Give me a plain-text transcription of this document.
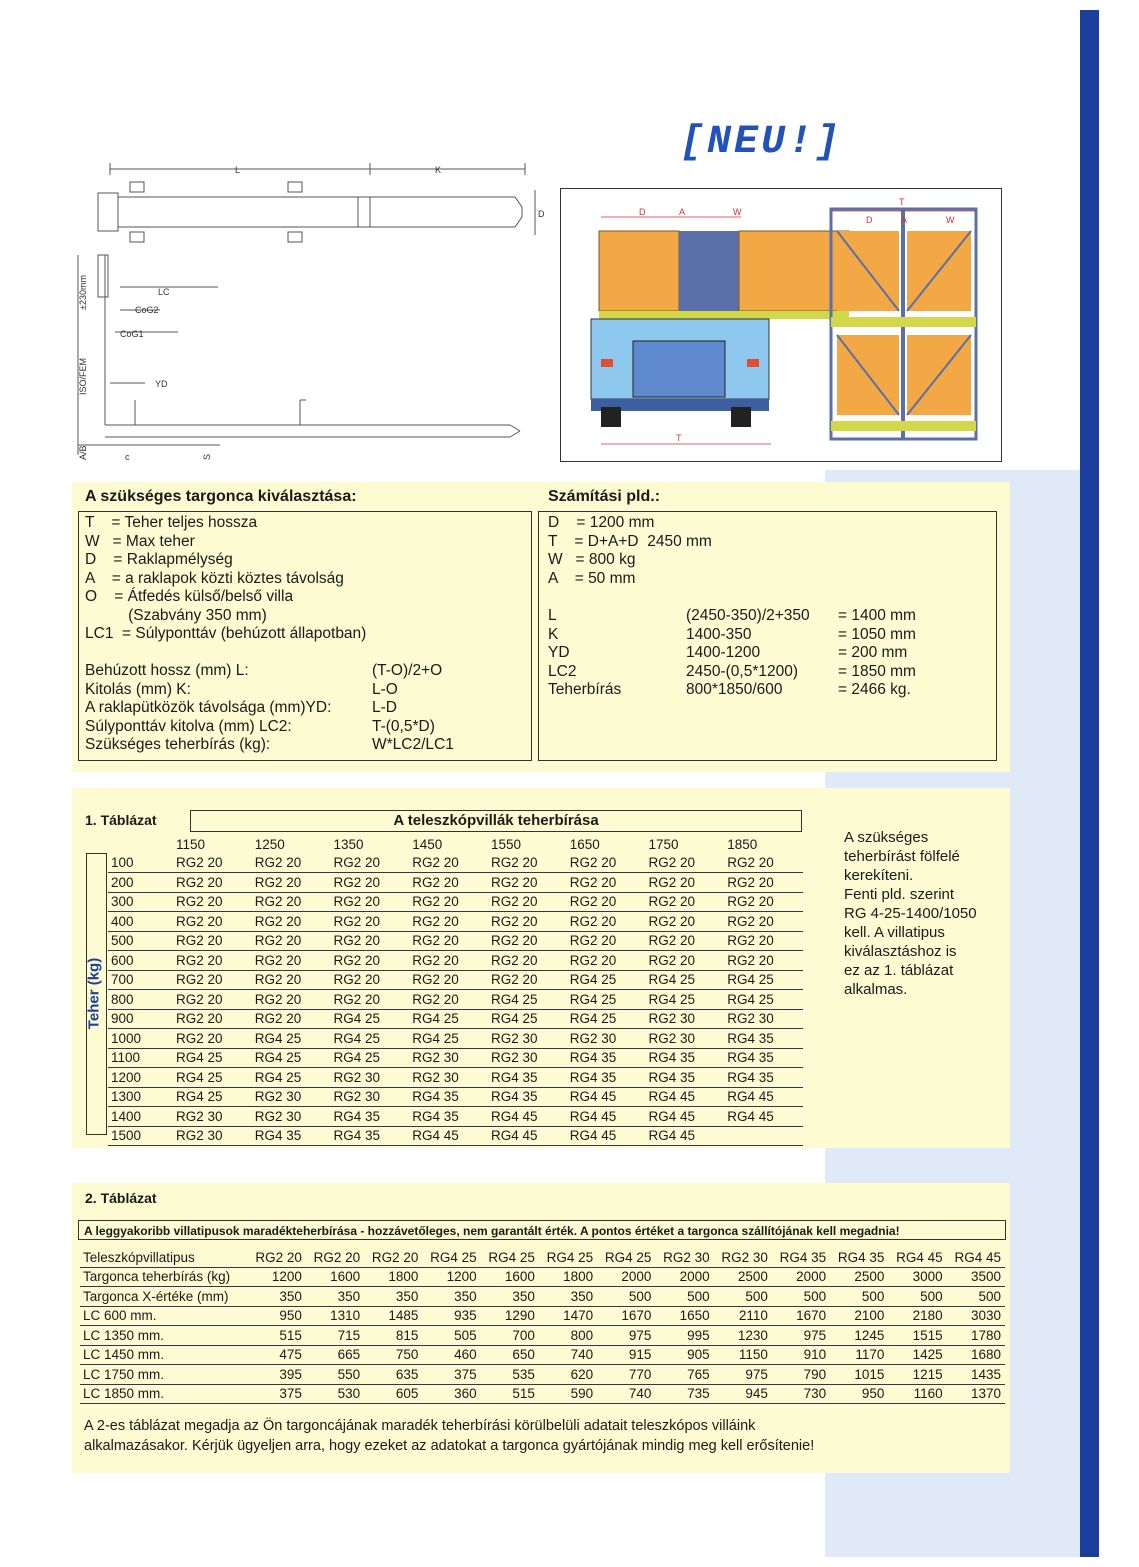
[NEU!]
L	K
D
±230mm
ISO/FEM
A/B
LC
CoG2
CoG1
YD
c	S
D	A	W
T
T
D	A	W
A szükséges targonca kiválasztása:	Számítási pld.:
T    = Teher teljes hossza
W   = Max teher
D    = Raklapmélység
A    = a raklapok közti köztes távolság
O    = Átfedés külső/belső villa
(Szabvány 350 mm)
LC1  = Súlyponttáv (behúzott állapotban)
Behúzott hossz (mm) L:	(T-O)/2+O
Kitolás (mm) K:	L-O
A raklapütközök távolsága (mm)YD:	L-D
Súlyponttáv kitolva (mm) LC2:	T-(0,5*D)
Szükséges teherbírás (kg):	W*LC2/LC1
D    = 1200 mm
T    = D+A+D  2450 mm
W   = 800 kg
A    = 50 mm
L	(2450-350)/2+350 = 1400 mm
K	1400-350	= 1050 mm
YD	1400-1200	= 200 mm
LC2	2450-(0,5*1200)	= 1850 mm
Teherbírás	800*1850/600	= 2466 kg.
1. Táblázat	A teleszkópvillák teherbírása
Teher (kg)
	1150	1250	1350	1450	1550	1650	1750	1850
100	RG2 20	RG2 20	RG2 20	RG2 20	RG2 20	RG2 20	RG2 20	RG2 20
200	RG2 20	RG2 20	RG2 20	RG2 20	RG2 20	RG2 20	RG2 20	RG2 20
300	RG2 20	RG2 20	RG2 20	RG2 20	RG2 20	RG2 20	RG2 20	RG2 20
400	RG2 20	RG2 20	RG2 20	RG2 20	RG2 20	RG2 20	RG2 20	RG2 20
500	RG2 20	RG2 20	RG2 20	RG2 20	RG2 20	RG2 20	RG2 20	RG2 20
600	RG2 20	RG2 20	RG2 20	RG2 20	RG2 20	RG2 20	RG2 20	RG2 20
700	RG2 20	RG2 20	RG2 20	RG2 20	RG2 20	RG4 25	RG4 25	RG4 25
800	RG2 20	RG2 20	RG2 20	RG2 20	RG4 25	RG4 25	RG4 25	RG4 25
900	RG2 20	RG2 20	RG4 25	RG4 25	RG4 25	RG4 25	RG2 30	RG2 30
1000	RG2 20	RG4 25	RG4 25	RG4 25	RG2 30	RG2 30	RG2 30	RG4 35
1100	RG4 25	RG4 25	RG4 25	RG2 30	RG2 30	RG4 35	RG4 35	RG4 35
1200	RG4 25	RG4 25	RG2 30	RG2 30	RG4 35	RG4 35	RG4 35	RG4 35
1300	RG4 25	RG2 30	RG2 30	RG4 35	RG4 35	RG4 45	RG4 45	RG4 45
1400	RG2 30	RG2 30	RG4 35	RG4 35	RG4 45	RG4 45	RG4 45	RG4 45
1500	RG2 30	RG4 35	RG4 35	RG4 45	RG4 45	RG4 45	RG4 45	
A szükséges
teherbírást fölfelé
kerekíteni.
Fenti pld. szerint
RG 4-25-1400/1050
kell. A villatipus
kiválasztáshoz is
ez az 1. táblázat
alkalmas.
2. Táblázat
A leggyakoribb villatipusok maradékteherbírása - hozzávetőleges, nem garantált érték. A pontos értéket a targonca szállítójának kell megadnia!
Teleszkópvillatipus	RG2 20	RG2 20	RG2 20	RG4 25	RG4 25	RG4 25	RG4 25	RG2 30	RG2 30	RG4 35	RG4 35	RG4 45	RG4 45
Targonca teherbírás (kg)	1200	1600	1800	1200	1600	1800	2000	2000	2500	2000	2500	3000	3500
Targonca X-értéke (mm)	350	350	350	350	350	350	500	500	500	500	500	500	500
LC 600 mm.	950	1310	1485	935	1290	1470	1670	1650	2110	1670	2100	2180	3030
LC 1350 mm.	515	715	815	505	700	800	975	995	1230	975	1245	1515	1780
LC 1450 mm.	475	665	750	460	650	740	915	905	1150	910	1170	1425	1680
LC 1750 mm.	395	550	635	375	535	620	770	765	975	790	1015	1215	1435
LC 1850 mm.	375	530	605	360	515	590	740	735	945	730	950	1160	1370
A 2-es táblázat megadja az Ön targoncájának maradék teherbírási körülbelüli adatait teleszkópos villáink
alkalmazásakor. Kérjük ügyeljen arra, hogy ezeket az adatokat a targonca gyártójának mindig meg kell erősítenie!
